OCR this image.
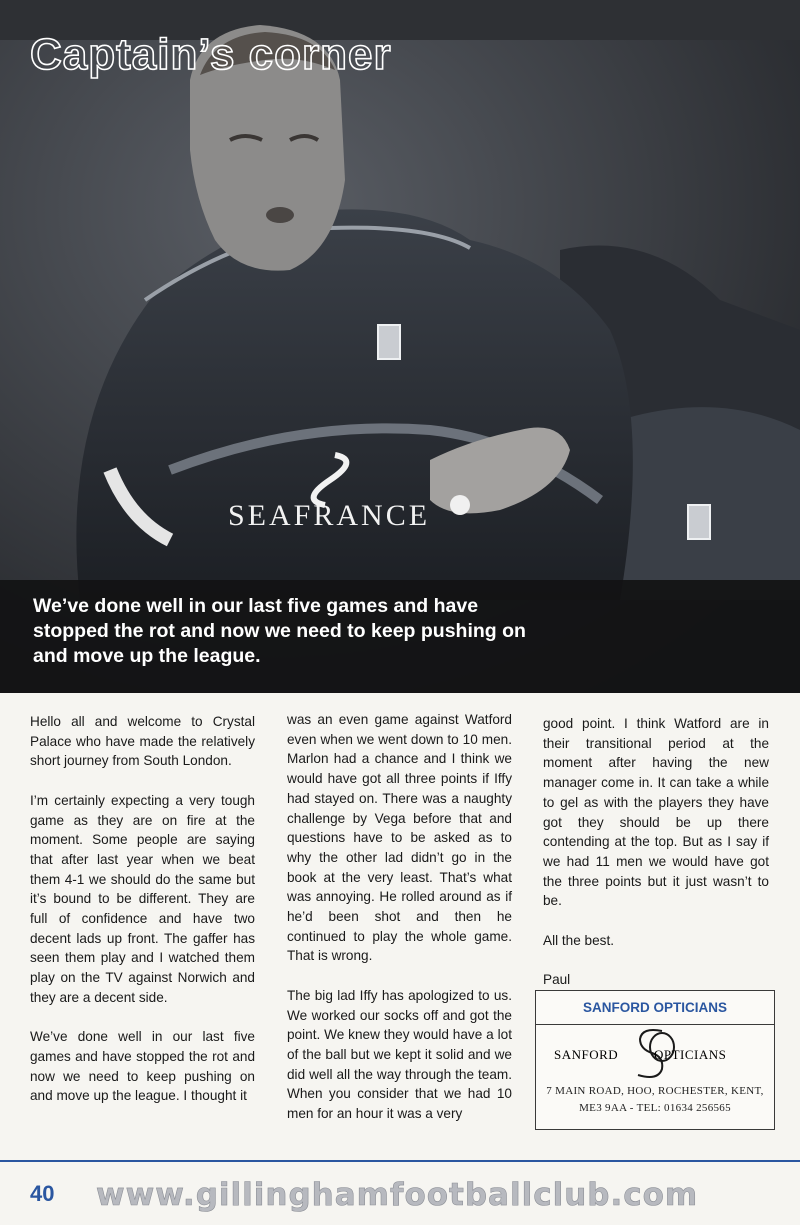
SEAFRANCE
Captain’s corner

We’ve done well in our last five games and have stopped the rot and now we need to keep pushing on and move up the league.

Hello all and welcome to Crystal Palace who have made the relatively short journey from South London.

I’m certainly expecting a very tough game as they are on fire at the moment. Some people are saying that after last year when we beat them 4-1 we should do the same but it’s bound to be different. They are full of confidence and have two decent lads up front. The gaffer has seen them play and I watched them play on the TV against Norwich and they are a decent side.

We’ve done well in our last five games and have stopped the rot and now we need to keep pushing on and move up the league. I thought it

was an even game against Watford even when we went down to 10 men. Marlon had a chance and I think we would have got all three points if Iffy had stayed on. There was a naughty challenge by Vega before that and questions have to be asked as to why the other lad didn’t go in the book at the very least. That’s what was annoying. He rolled around as if he’d been shot and then he continued to play the whole game. That is wrong.

The big lad Iffy has apologized to us. We worked our socks off and got the point. We knew they would have a lot of the ball but we kept it solid and we did well all the way through the team. When you consider that we had 10 men for an hour it was a very

good point. I think Watford are in their transitional period at the moment after having the new manager come in. It can take a while to gel as with the players they have got they should be up there contending at the top. But as I say if we had 11 men we would have got the three points but it just wasn’t to be.

All the best.

Paul

SANFORD OPTICIANS
SANFORD	OPTICIANS
7 MAIN ROAD, HOO, ROCHESTER, KENT,
ME3 9AA - TEL: 01634 256565
40 www.gillinghamfootballclub.com
